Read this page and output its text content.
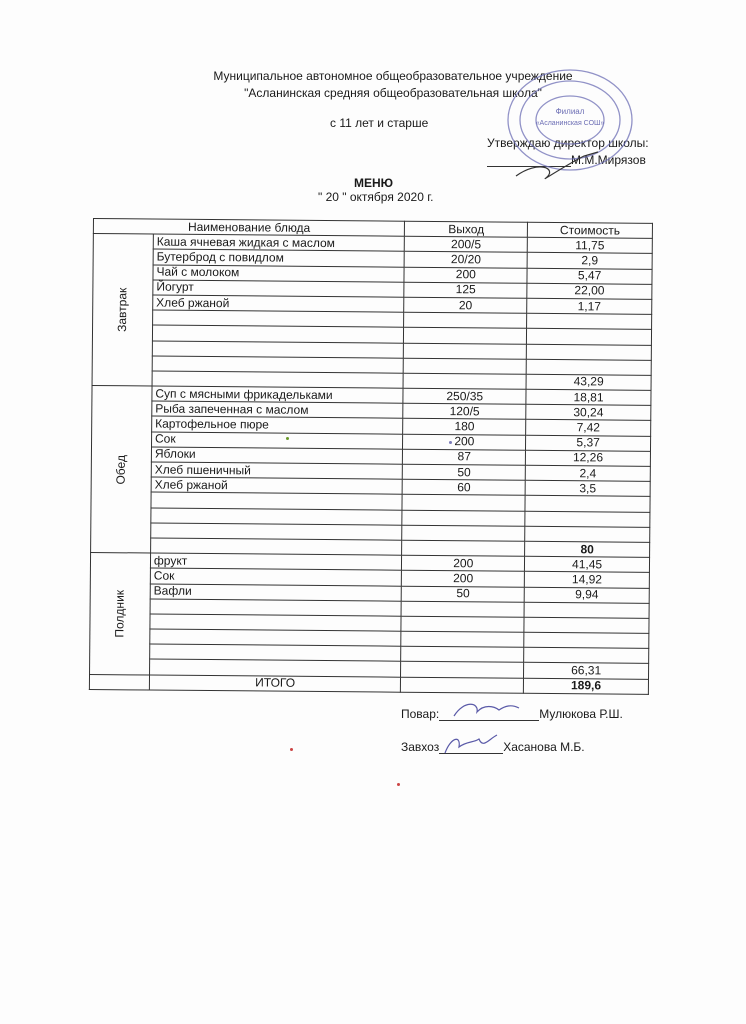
Муниципальное автономное общеобразовательное учреждение
"Асланинская средняя общеобразовательная школа"
с 11 лет и старше
Утверждаю директор школы:
М.М.Мирязов
Филиал
«Асланинская СОШ»
МЕНЮ
" 20 " октября 2020 г.
Наименование блюда		Выход	Стоимость

Завтрак	Каша ячневая жидкая с маслом	200/5	11,75
	Бутерброд с повидлом	20/20	2,9
	Чай с молоком	200	5,47
	Йогурт	125	22,00
	Хлеб ржаной	20	1,17

			43,29

Обед	Суп с мясными фрикадельками	250/35	18,81
	Рыба запеченная с маслом	120/5	30,24
	Картофельное пюре	180	7,42
	Сок	200	5,37
	Яблоки	87	12,26
	Хлеб пшеничный	50	2,4
	Хлеб ржаной	60	3,5

			80

Полдник	фрукт	200	41,45
	Сок	200	14,92
	Вафли	50	9,94

			66,31
	ИТОГО		189,6
Повар:	Мулюкова Р.Ш.
Завхоз	Хасанова М.Б.
